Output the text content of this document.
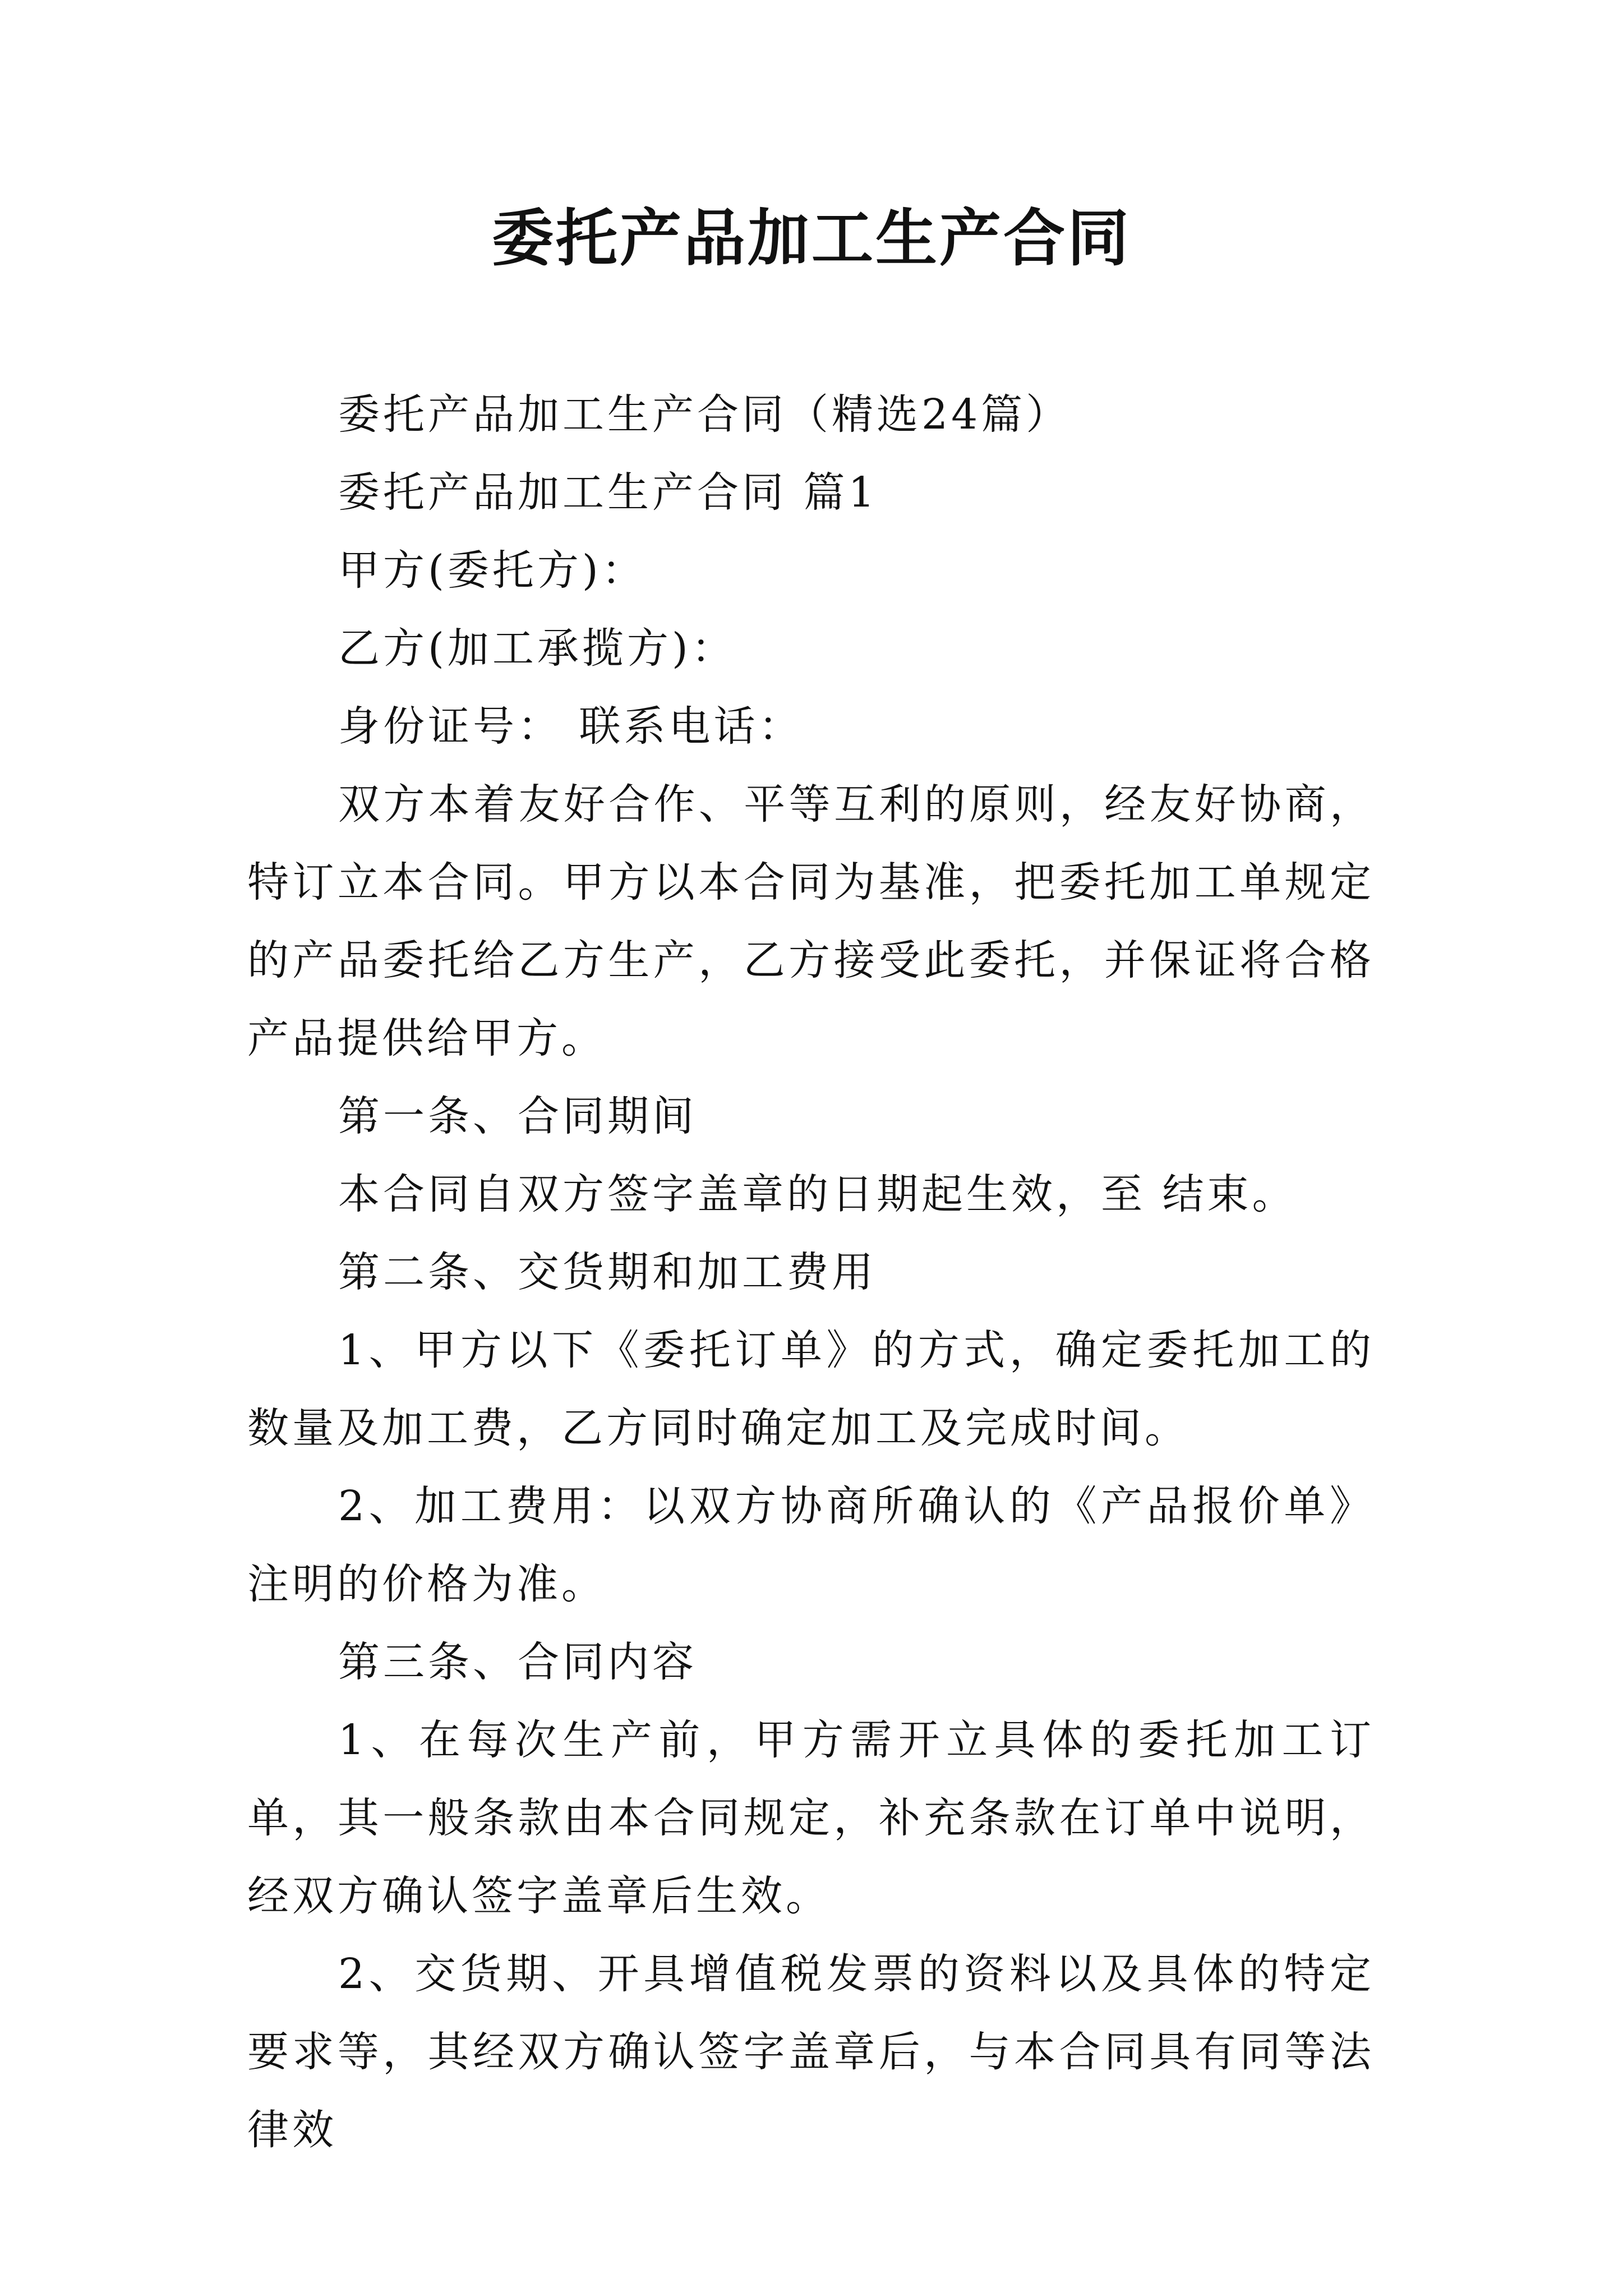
委托产品加工生产合同

委托产品加工生产合同（精选24篇）

委托产品加工生产合同 篇1

甲方(委托方)：

乙方(加工承揽方)：

身份证号： 联系电话：

双方本着友好合作、平等互利的原则，经友好协商，特订立本合同。甲方以本合同为基准，把委托加工单规定的产品委托给乙方生产，乙方接受此委托，并保证将合格产品提供给甲方。

第一条、合同期间

本合同自双方签字盖章的日期起生效，至 结束。

第二条、交货期和加工费用

1、甲方以下《委托订单》的方式，确定委托加工的数量及加工费，乙方同时确定加工及完成时间。

2、加工费用：以双方协商所确认的《产品报价单》注明的价格为准。

第三条、合同内容

1、在每次生产前，甲方需开立具体的委托加工订单，其一般条款由本合同规定，补充条款在订单中说明，经双方确认签字盖章后生效。

2、交货期、开具增值税发票的资料以及具体的特定要求等，其经双方确认签字盖章后，与本合同具有同等法律效
